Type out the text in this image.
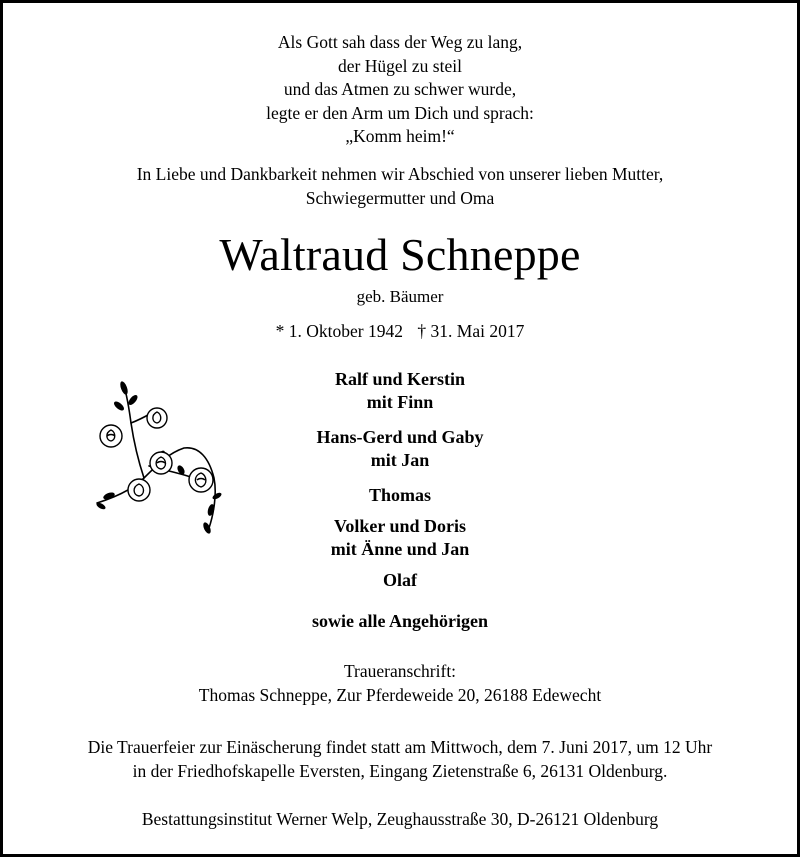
Als Gott sah dass der Weg zu lang,
der Hügel zu steil
und das Atmen zu schwer wurde,
legte er den Arm um Dich und sprach:
„Komm heim!“
In Liebe und Dankbarkeit nehmen wir Abschied von unserer lieben Mutter,
Schwiegermutter und Oma
Waltraud Schneppe
geb. Bäumer
* 1. Oktober 1942 † 31. Mai 2017
Ralf und Kerstin
mit Finn
Hans-Gerd und Gaby
mit Jan
Thomas
Volker und Doris
mit Änne und Jan
Olaf
sowie alle Angehörigen
Traueranschrift:
Thomas Schneppe, Zur Pferdeweide 20, 26188 Edewecht
Die Trauerfeier zur Einäscherung findet statt am Mittwoch, dem 7. Juni 2017, um 12 Uhr
in der Friedhofskapelle Eversten, Eingang Zietenstraße 6, 26131 Oldenburg.
Bestattungsinstitut Werner Welp, Zeughausstraße 30, D-26121 Oldenburg
